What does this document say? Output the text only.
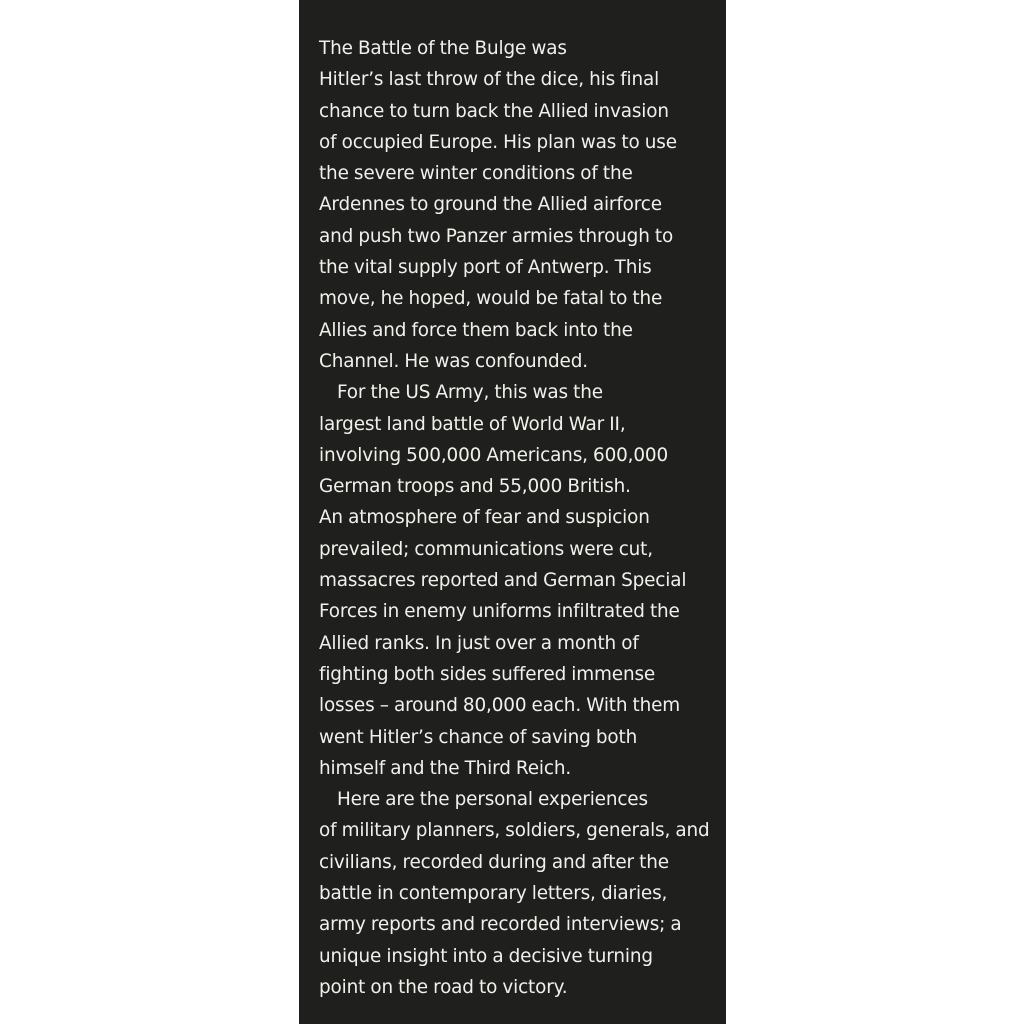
The Battle of the Bulge was
Hitler’s last throw of the dice, his final
chance to turn back the Allied invasion
of occupied Europe. His plan was to use
the severe winter conditions of the
Ardennes to ground the Allied airforce
and push two Panzer armies through to
the vital supply port of Antwerp. This
move, he hoped, would be fatal to the
Allies and force them back into the
Channel. He was confounded.
For the US Army, this was the
largest land battle of World War II,
involving 500,000 Americans, 600,000
German troops and 55,000 British.
An atmosphere of fear and suspicion
prevailed; communications were cut,
massacres reported and German Special
Forces in enemy uniforms infiltrated the
Allied ranks. In just over a month of
fighting both sides suffered immense
losses – around 80,000 each. With them
went Hitler’s chance of saving both
himself and the Third Reich.
Here are the personal experiences
of military planners, soldiers, generals, and
civilians, recorded during and after the
battle in contemporary letters, diaries,
army reports and recorded interviews; a
unique insight into a decisive turning
point on the road to victory.
